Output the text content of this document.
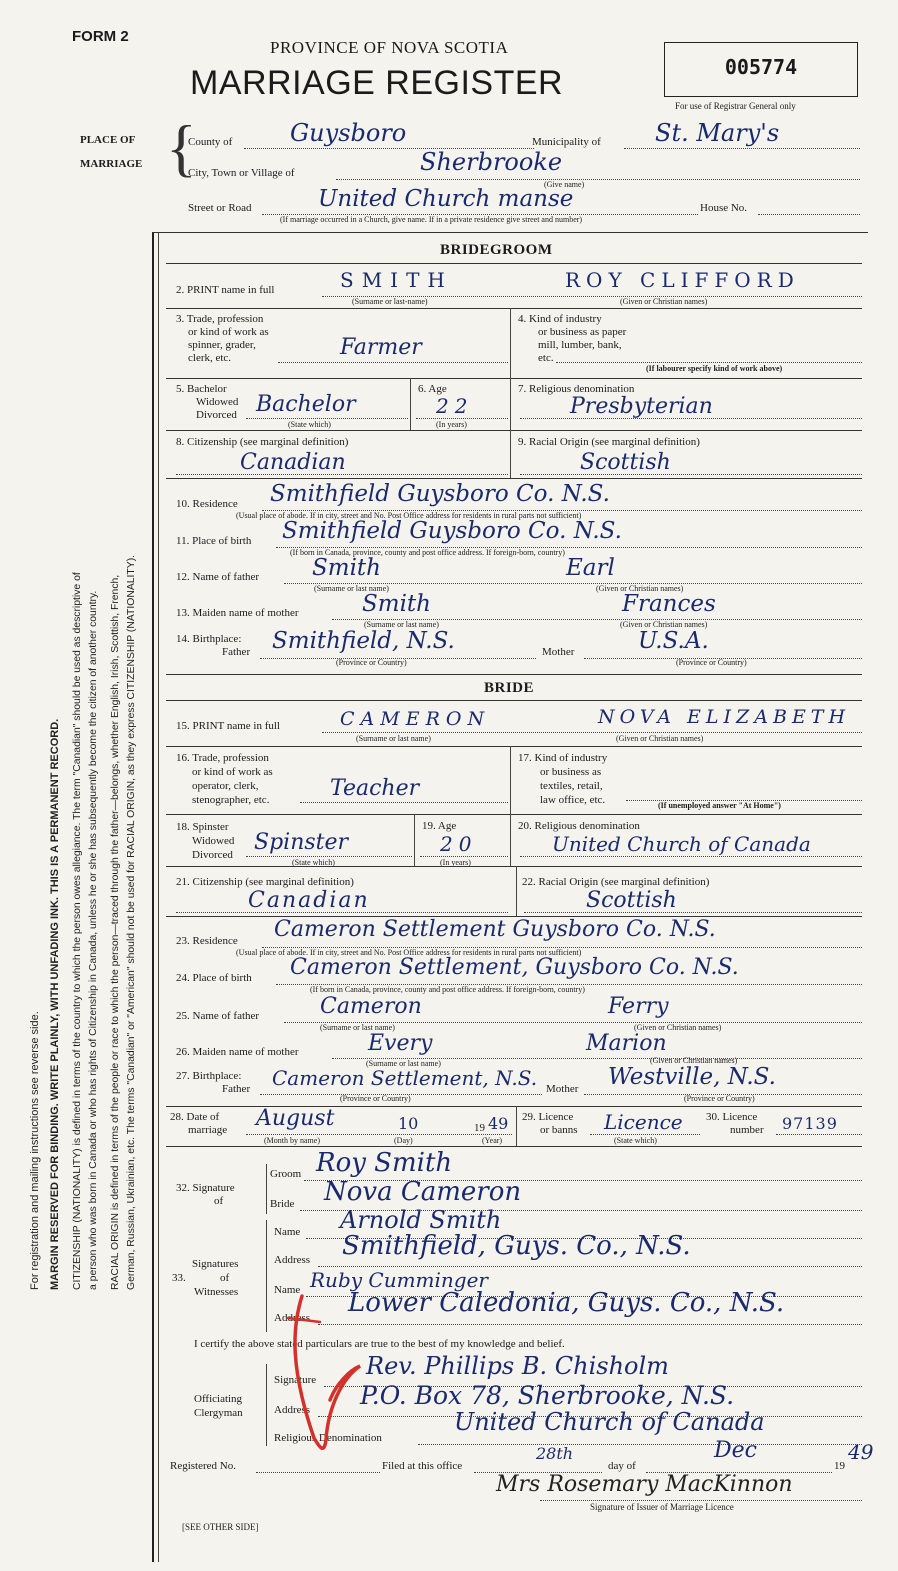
FORM 2
PROVINCE OF NOVA SCOTIA
MARRIAGE REGISTER	005774
For use of Registrar General only
PLACE OF
MARRIAGE {
County of Guysboro	Municipality of St. Mary's
City, Town or Village of	Sherbrooke
(Give name)
Street or Road	United Church manse	House No.
(If marriage occurred in a Church, give name. If in a private residence give street and number)
For registration and mailing instructions see reverse side. MARGIN RESERVED FOR BINDING. WRITE PLAINLY, WITH UNFADING INK. THIS IS A PERMANENT RECORD. CITIZENSHIP (NATIONALITY) is defined in terms of the country to which the person owes allegiance. The term "Canadian" should be used as descriptive of a person who was born in Canada or who has rights of Citizenship in Canada, unless he or she has subsequently become the citizen of another country. RACIAL ORIGIN is defined in terms of the people or race to which the person—traced through the father—belongs, whether English, Irish, Scottish, French, German, Russian, Ukrainian, etc. The terms "Canadian" or "American" should not be used for RACIAL ORIGIN, as they express CITIZENSHIP (NATIONALITY).
BRIDEGROOM
2. PRINT name in full	SMITH	ROY CLIFFORD
(Surname or last-name)	(Given or Christian names)
3. Trade, profession
or kind of work as
spinner, grader,
clerk, etc.	Farmer
4. Kind of industry
or business as paper
mill, lumber, bank,
etc.
(If labourer specify kind of work above)
5. Bachelor
Widowed
Divorced Bachelor
(State which)
6. Age
22
(In years)
7. Religious denomination
Presbyterian
8. Citizenship (see marginal definition)
Canadian
9. Racial Origin (see marginal definition)
Scottish
10. Residence Smithfield Guysboro Co. N.S.
(Usual place of abode. If in city, street and No. Post Office address for residents in rural parts not sufficient)
11. Place of birth Smithfield Guysboro Co. N.S.
(If born in Canada, province, county and post office address. If foreign-born, country)
12. Name of father Smith	Earl
(Surname or last name)	(Given or Christian names)
13. Maiden name of mother	Smith	Frances
(Surname or last name)	(Given or Christian names)
14. Birthplace:
Father Smithfield, N.S.
(Province or Country)
Mother	U.S.A.
(Province or Country)
BRIDE
15. PRINT name in full	CAMERON	NOVA ELIZABETH
(Surname or last name)	(Given or Christian names)
16. Trade, profession
or kind of work as
operator, clerk,
stenographer, etc.	Teacher
17. Kind of industry
or business as
textiles, retail,
law office, etc.	(If unemployed answer "At Home")
18. Spinster
Widowed
Divorced Spinster
(State which)
19. Age
20
(In years)
20. Religious denomination
United Church of Canada
21. Citizenship (see marginal definition)
Canadian
22. Racial Origin (see marginal definition)
Scottish
23. Residence Cameron Settlement Guysboro Co. N.S.
(Usual place of abode. If in city, street and No. Post Office address for residents in rural parts not sufficient)
24. Place of birth Cameron Settlement, Guysboro Co. N.S.
(If born in Canada, province, county and post office address. If foreign-born, country)
25. Name of father	Cameron	Ferry
(Surname or last name)	(Given or Christian names)
26. Maiden name of mother	Every	Marion
(Surname or last name)	(Given or Christian names)
27. Birthplace:
Father Cameron Settlement, N.S.
(Province or Country)
Mother Westville, N.S.
(Province or Country)
28. Date of
marriage August	10	19 49
(Month by name)	(Day)	(Year)
29. Licence
or banns Licence
(State which)
30. Licence
number 97139
32. Signature
of
Groom Roy Smith
Bride Nova Cameron
Signatures
33.	of
Witnesses
Name Arnold Smith
Address Smithfield, Guys. Co., N.S.
Name Ruby Cumminger
Address Lower Caledonia, Guys. Co., N.S.
I certify the above stated particulars are true to the best of my knowledge and belief.
Officiating
Clergyman
Signature Rev. Phillips B. Chisholm
Address P.O. Box 78, Sherbrooke, N.S.
Religious Denomination
United Church of Canada
Registered No.	Filed at this office
28th
day of
Dec
19
49
Mrs Rosemary MacKinnon
Signature of Issuer of Marriage Licence
[SEE OTHER SIDE]
